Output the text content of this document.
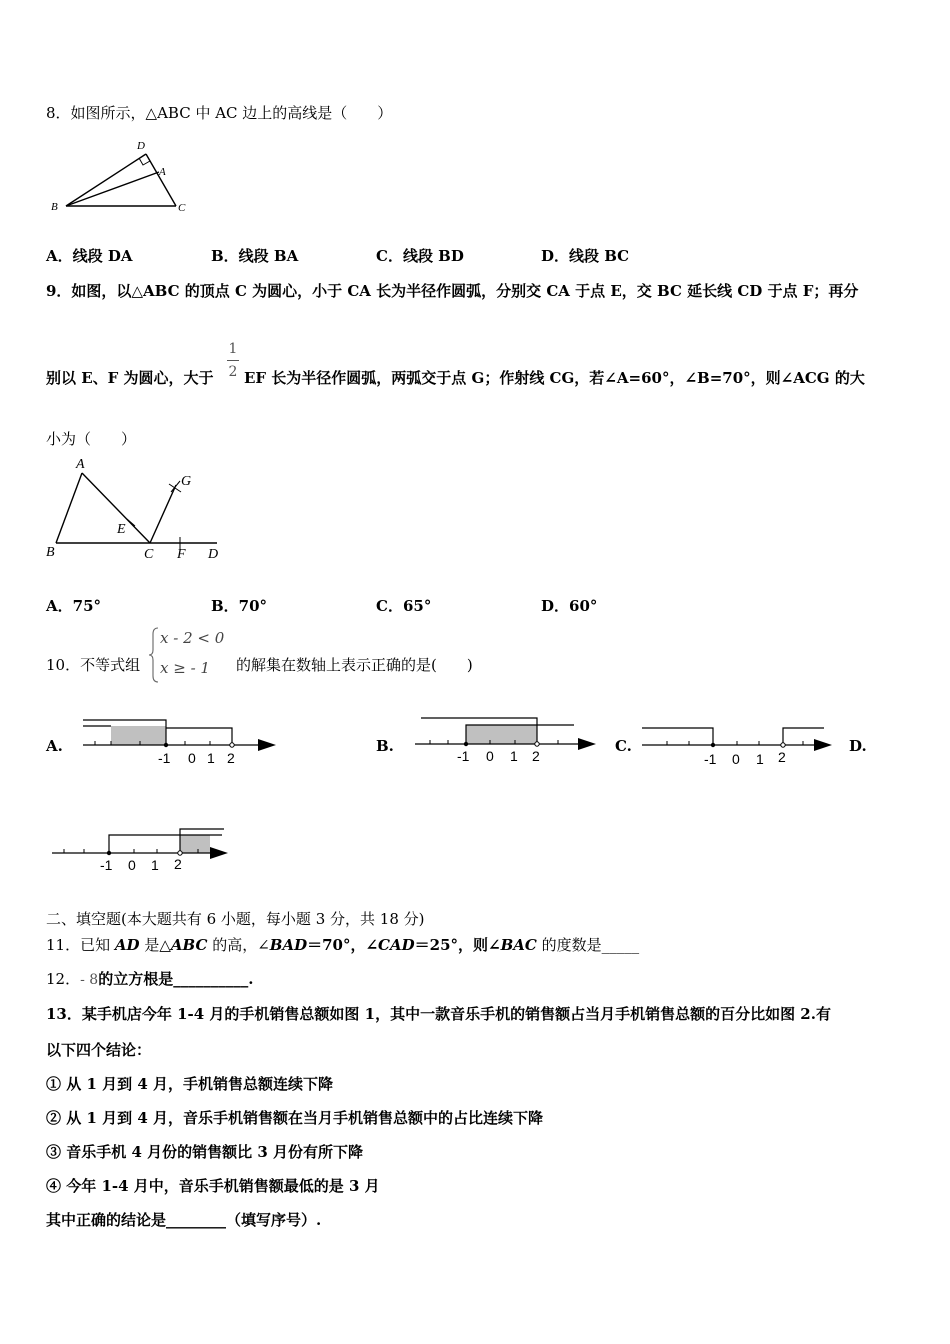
8．如图所示，△ABC 中 AC 边上的高线是（　　）
D
A
B	C
A．线段 DA	B．线段 BA	C．线段 BD	D．线段 BC
9．如图，以△ABC 的顶点 C 为圆心，小于 CA 长为半径作圆弧，分别交 CA 于点 E，交 BC 延长线 CD 于点 F；再分
别以 E、F 为圆心，大于
1
2 EF 长为半径作圆弧，两弧交于点 G；作射线 CG，若∠A=60°，∠B=70°，则∠ACG 的大
小为（　　）
A
G
E
B	C F D
A．75°	B．70°	C．65°	D．60°
10．不等式组
x - 2 < 0
x ≥ - 1 的解集在数轴上表示正确的是(　　)
A.
-1 0 1 2
B.
-1 0 1 2
C.
-1 0 1 2
D.
-1 0 1 2
二、填空题(本大题共有 6 小题，每小题 3 分，共 18 分)
11．已知 AD 是△ABC 的高，∠BAD＝70°，∠CAD＝25°，则∠BAC 的度数是_____
12．- 8的立方根是__________.
13．某手机店今年 1-4 月的手机销售总额如图 1，其中一款音乐手机的销售额占当月手机销售总额的百分比如图 2.有
以下四个结论：
① 从 1 月到 4 月，手机销售总额连续下降
② 从 1 月到 4 月，音乐手机销售额在当月手机销售总额中的占比连续下降
③ 音乐手机 4 月份的销售额比 3 月份有所下降
④ 今年 1-4 月中，音乐手机销售额最低的是 3 月
其中正确的结论是________（填写序号）.
